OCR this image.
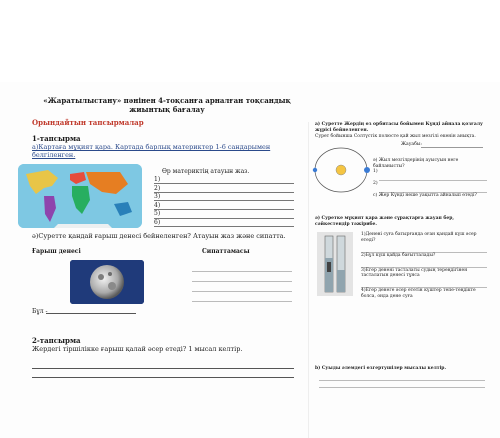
«Жаратылыстану» пәнінен 4-тоқсанға арналған тоқсандық жиынтық бағалау
Орындайтын тапсырмалар
1-тапсырма
а)Картаға мұқият қара. Картада барлық материктер 1-6 сандарымен белгіленген.
Өр материктің атауын жаз.
1)
2)
3)
4)
5)
6)
ә)Суретте қандай ғарыш денесі бейнеленген? Атауын жаз және сипатта.
Ғарыш денесі	Сипаттамасы
Бұл -
2-тапсырма
Жердегі тіршілікке ғарыш қалай әсер етеді? 1 мысал келтір.
а) Суретте Жердің өз орбитасы бойымен Күнді айнала қозғалу жүрісі бейнеленген.
Сурет бойынша Солтүстік полюсте қай жыл мезгілі екенін анықта.
Жауабы:
ә) Жыл мезгілдерінің ауысуын неге байланысты?
1)
2)
с) Жер Күнді неше уақытта айналып өтеді?
ә) Суретке мұқият қара және сұрақтарға жауап бер, сәйкестендір тәжірибе.

1)Денені суға батырғанда оған қандай күш әсер етеді?

2)Бұл күш қайда бағытталады?

3)Егер денені тасталаты судың тереңдігінен тасталатын денесі тұнса

4)Егер денеге әсер ететін күштер тепе-теңдікте болса, онда дене суға

b) Суыды әлемдегі өзгертушілер мысалы келтір.
